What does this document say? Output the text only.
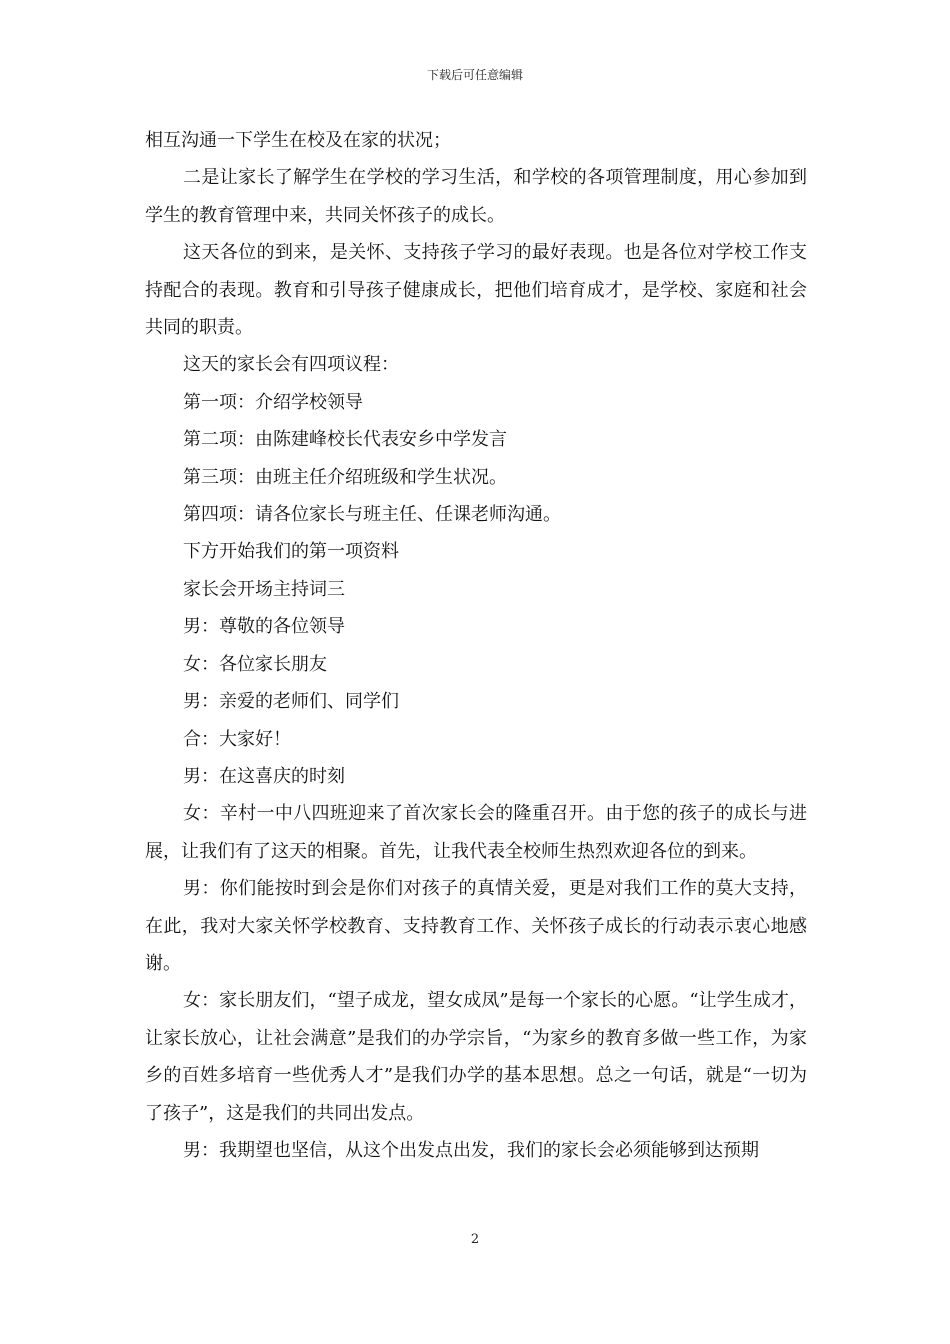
下载后可任意编辑

相互沟通一下学生在校及在家的状况；

二是让家长了解学生在学校的学习生活，和学校的各项管理制度，用心参加到学生的教育管理中来，共同关怀孩子的成长。

这天各位的到来，是关怀、支持孩子学习的最好表现。也是各位对学校工作支持配合的表现。教育和引导孩子健康成长，把他们培育成才，是学校、家庭和社会共同的职责。

这天的家长会有四项议程：

第一项：介绍学校领导

第二项：由陈建峰校长代表安乡中学发言

第三项：由班主任介绍班级和学生状况。

第四项：请各位家长与班主任、任课老师沟通。

下方开始我们的第一项资料

家长会开场主持词三

男：尊敬的各位领导

女：各位家长朋友

男：亲爱的老师们、同学们

合：大家好！

男：在这喜庆的时刻

女：辛村一中八四班迎来了首次家长会的隆重召开。由于您的孩子的成长与进展，让我们有了这天的相聚。首先，让我代表全校师生热烈欢迎各位的到来。

男：你们能按时到会是你们对孩子的真情关爱，更是对我们工作的莫大支持，在此，我对大家关怀学校教育、支持教育工作、关怀孩子成长的行动表示衷心地感谢。

女：家长朋友们，“望子成龙，望女成凤”是每一个家长的心愿。“让学生成才，让家长放心，让社会满意”是我们的办学宗旨，“为家乡的教育多做一些工作，为家乡的百姓多培育一些优秀人才”是我们办学的基本思想。总之一句话，就是“一切为了孩子”，这是我们的共同出发点。

男：我期望也坚信，从这个出发点出发，我们的家长会必须能够到达预期

2
